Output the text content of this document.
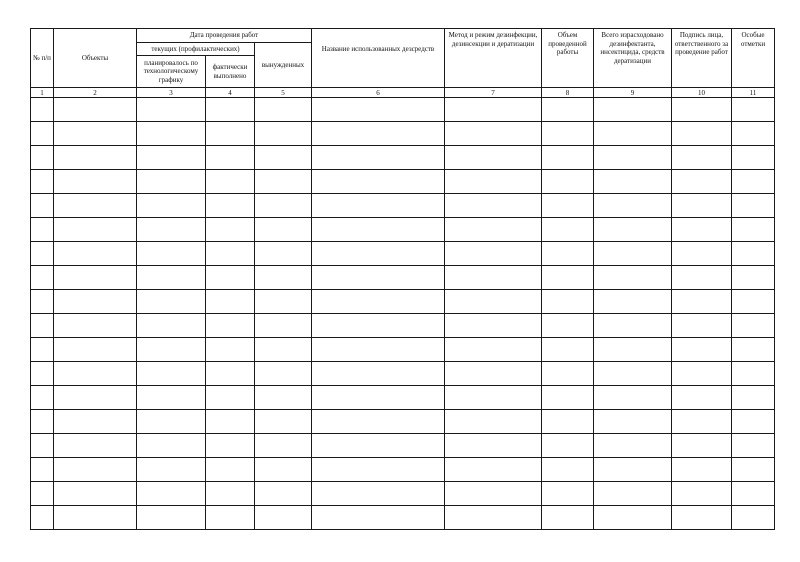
№ п/п	Объекты	Дата проведения работ			Название использованных дезсредств	Метод и режим дезинфекции, дезинсекции и дератизации	Объем проведенной работы	Всего израсходовано дезинфектанта, инсектицида, средств дератизации	Подпись лица, ответственного за проведение работ	Особые отметки
		текущих (профилактических)		вынужденных						
		планировалось по технологическому графику	фактически выполнено							
1	2	3	4	5	6	7	8	9	10	11
